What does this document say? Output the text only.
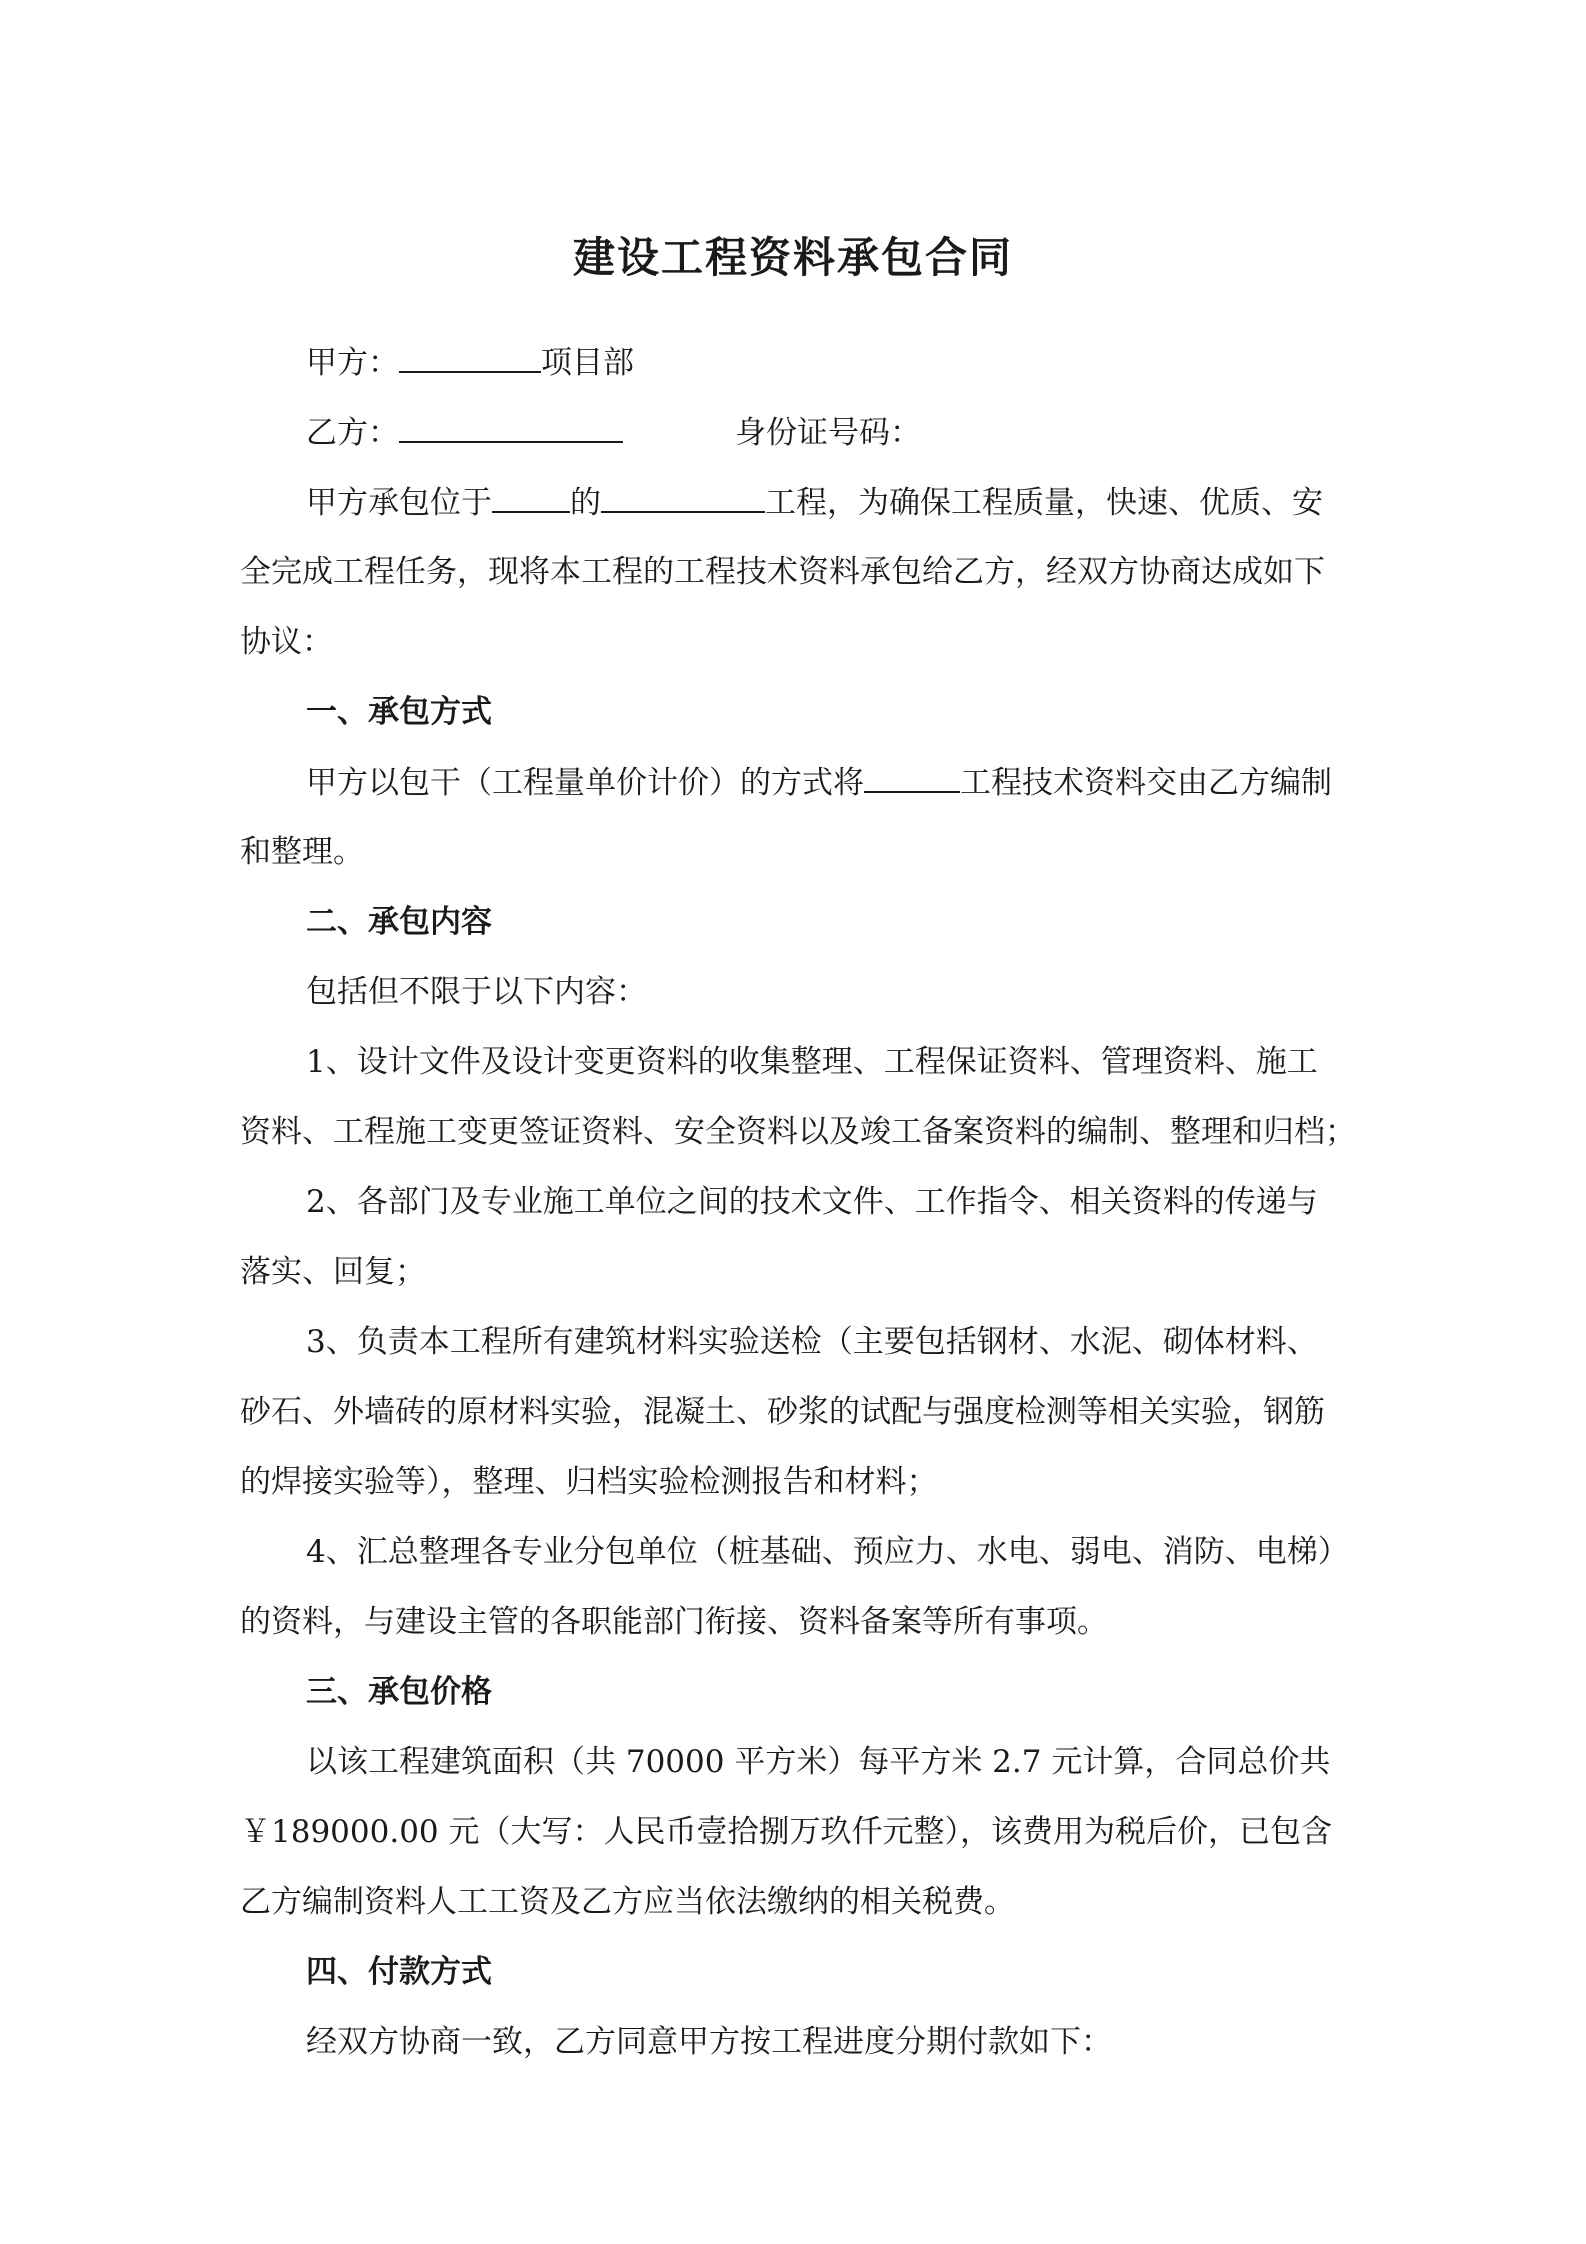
建设工程资料承包合同
甲方：	项目部
乙方：	身份证号码：
甲方承包位于	的	工程，为确保工程质量，快速、优质、安
全完成工程任务，现将本工程的工程技术资料承包给乙方，经双方协商达成如下
协议：
一、承包方式
甲方以包干（工程量单价计价）的方式将	工程技术资料交由乙方编制
和整理。
二、承包内容
包括但不限于以下内容：
1、设计文件及设计变更资料的收集整理、工程保证资料、管理资料、施工
资料、工程施工变更签证资料、安全资料以及竣工备案资料的编制、整理和归档；
2、各部门及专业施工单位之间的技术文件、工作指令、相关资料的传递与
落实、回复；
3、负责本工程所有建筑材料实验送检（主要包括钢材、水泥、砌体材料、
砂石、外墙砖的原材料实验，混凝土、砂浆的试配与强度检测等相关实验，钢筋
的焊接实验等），整理、归档实验检测报告和材料；
4、汇总整理各专业分包单位（桩基础、预应力、水电、弱电、消防、电梯）
的资料，与建设主管的各职能部门衔接、资料备案等所有事项。
三、承包价格
以该工程建筑面积（共 70000 平方米）每平方米 2.7 元计算，合同总价共
￥189000.00 元（大写：人民币壹拾捌万玖仟元整），该费用为税后价，已包含
乙方编制资料人工工资及乙方应当依法缴纳的相关税费。
四、付款方式
经双方协商一致，乙方同意甲方按工程进度分期付款如下：
